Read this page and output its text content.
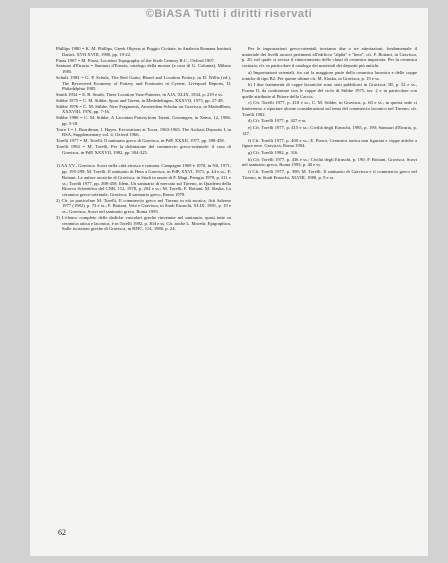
©BiASA Tutti i diritti riservati

Phillips 1980 = K. M. Phillips, Greek Objects at Poggio Civitate, in Analecta Romana Instituti Danici, XVII XVIII, 1980, pp. 19-22.

Pinza 1907 = M. Pinza, Location Topography of the Sixth Century B.C., Oxford 1907.

Santuari d'Etruria = Santuari d'Etruria, catalogo della mostra (a cura di G. Colonna), Milano 1985.

Schulz 1983 = G. P. Schulz, The Red Grain, Blond and Location Pottery, in D. Willis (ed.), The Recovered Economy of Pottery and Footnotes in Cyrene, Liverpool Reports, II, Philadelphia 1985.

Smith 1934 = E. B. Smith, Three Location Vase-Painters, in AJA, XLIX, 1934, p. 219 e ss.

Stibbe 1975 = C. M. Stibbe, Sport and Tarent, in Mededelingen, XXXVII, 1975, pp. 27-48.

Stibbe 1976 = C. M. Stibbe, New Fragments, Amsterdam Scholar on Gravisca, in MededRom, XXXVIII, 1976, pp. 7-16.

Stibbe 1986 = C. M. Stibbe, A Laconian Potteryfrom Tarent, Groningen, in Xenia, 12, 1986, pp. 5-18.

Torre 1 = J. Boardman, J. Hayes, Excavations at Tocra, 1963-1965, The Archaic Deposits I, in BSA, Supplementary vol. 4, Oxford 1966.

Torelli 1977 = M. Torelli, Il santuario greco di Gravisca, in PdP, XXXII, 1977, pp. 398-458.

Torelli 1982 = M. Torelli, Per la definizione del commercio greco-orientale: il caso di Gravisca, in PdP, XXXVII, 1982, pp. 304-325.

1) AA.VV., Gravisca. Scavi nella città etrusca e romana. Campagne 1969 e 1970, in NS, 1971, pp. 195-299; M. Torelli, Il santuario di Hera a Gravisca, in PdP, XXVI, 1971, p. 44 e ss.; F. Boitani, Le anfore arcaiche di Gravisca, in Studi in onore di F. Magi, Perugia 1979, p. 211 e ss.; Torelli 1977, pp. 398-458; Idem, Un santuario di mercato sul Tirreno, in Quaderni della Ricerca Scientifica del CNR, 112, 1978, p. 294 e ss.; M. Torelli, F. Boitani, M. Slaska, La ceramica greco-orientale, Gravisca, Il santuario greco, Roma 1978.

2) Cfr. in particolare M. Torelli, Il commercio greco nel Tirreno in età arcaica, Atti Salerno 1977 (1982), p. 73 e ss.; F. Boitani, Veio e Gravisca, in Studi Etruschi, XLIX, 1981, p. 19 e ss.; Gravisca, Scavi nel santuario greco, Roma 1993.

3) L'elenco completo delle dediche vascolari greche rinvenute nel santuario, quasi tutte su ceramica attica e laconica, è in Torelli 1982, p. 304 e ss. Cfr. anche L. Moretti, Epigraphica, Sulle iscrizioni greche di Gravisca, in RFIC, 114, 1986, p. 24.

Per le importazioni greco-orientali troviamo due o tre attestazioni, fondamentale il materiale dei livelli arcaici pertinenti all'edificio "alpha" e "beta", cfr. F. Boitani, in Gravisca, p. 20, nel quale si avvisa il rinnovamento delle classi di ceramica importata. Per la ceramica corinzia, cfr. in particolare il catalogo dei materiali dei depositi più antichi.

a) Importazioni orientali, fra cui la maggiore parte della ceramica laconica e delle coppe ioniche di tipo B2. Per queste ultime cfr. M. Slaska, in Gravisca, p. 19 e ss.

b) I due frammenti di coppe laconiche sono stati pubblicati in Gravisca, III, p. 52 e ss., Forma II, da confrontare con le coppe del ciclo di Stibbe 1975, tav. 2 e in particolare con quelle attribuite al Pittore della Caccia.

c) Cfr. Torelli 1977, p. 418 e ss.; C. M. Stibbe, in Gravisca, p. 60 e ss.; in questa sede ci limiteremo a riportare alcune considerazioni sul tema del commercio laconico nel Tirreno, cfr. Torelli 1982.

d) Cfr. Torelli 1977, p. 427 e ss.

e) Cfr. Torelli 1977, p. 415 e ss.; Civiltà degli Etruschi, 1985, p. 190; Santuari d'Etruria, p. 147.

f) Cfr. Torelli 1977, p. 400 e ss.; E. Pierro, Ceramica ionica non figurata e coppe attiche a figure nere, Gravisca, Roma 1984.

g) Cfr. Torelli 1982, p. 316.

h) Cfr. Torelli 1977, p. 436 e ss.; Civiltà degli Etruschi, p. 190; F. Boitani, Gravisca. Scavi nel santuario greco, Roma 1993, p. 40 e ss.

i) Cfr. Torelli 1977, p. 398; M. Torelli, Il santuario di Gravisca e il commercio greco nel Tirreno, in Studi Etruschi, XLVIII, 1980, p. 9 e ss.

62
